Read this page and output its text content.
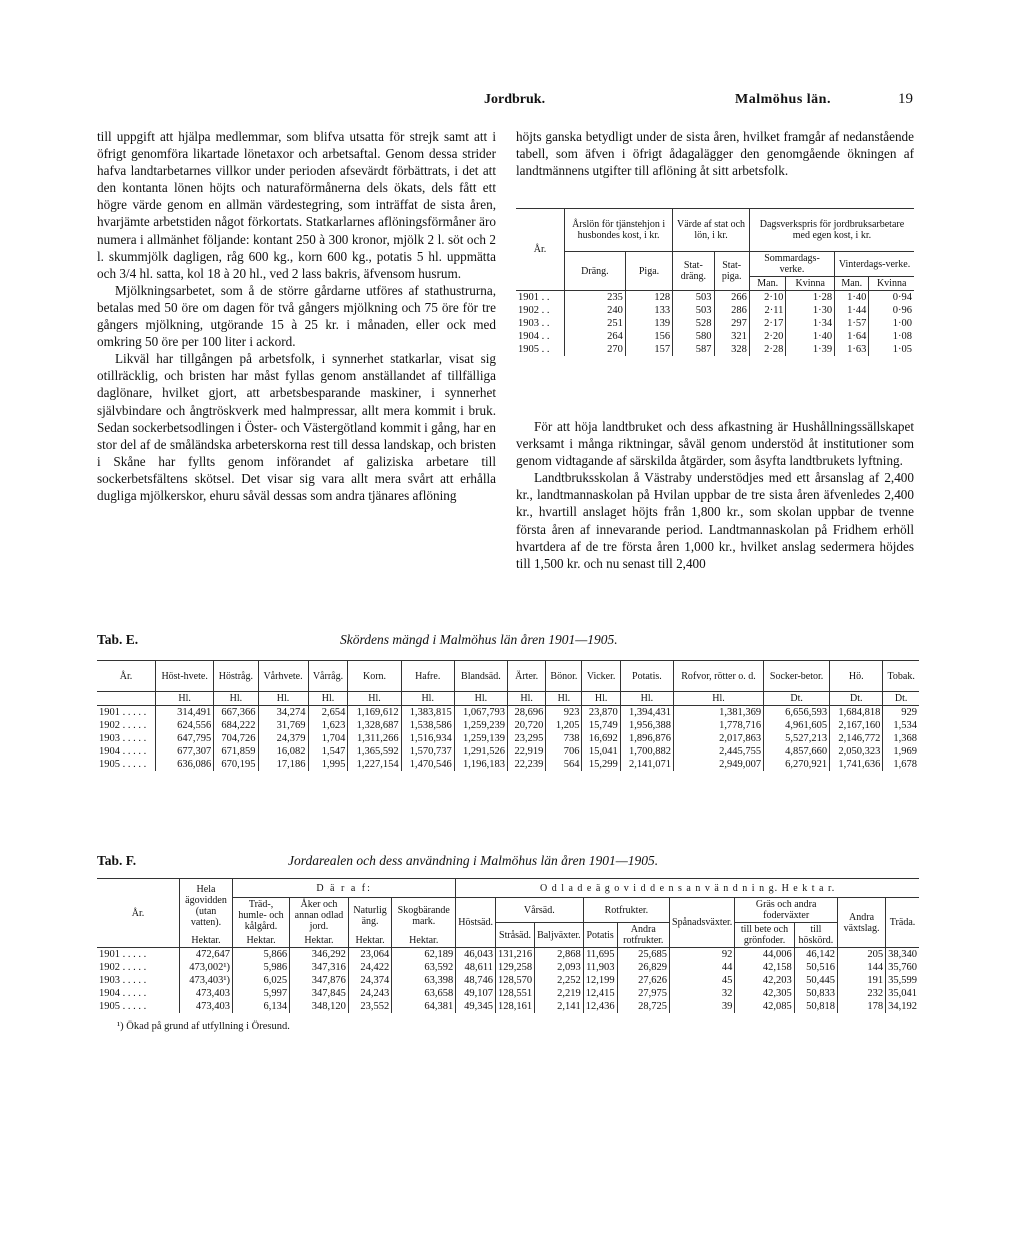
Jordbruk.	Malmöhus län.	19

till uppgift att hjälpa medlemmar, som blifva utsatta för strejk samt att i öfrigt genomföra likartade lönetaxor och arbetsaftal. Genom dessa strider hafva landtarbetarnes villkor under perioden afsevärdt förbättrats, i det att den kontanta lönen höjts och naturaförmånerna dels ökats, dels fått ett högre värde genom en allmän värdestegring, som inträffat de sista åren, hvarjämte arbetstiden något förkortats. Statkarlarnes aflöningsförmåner äro numera i allmänhet följande: kontant 250 à 300 kronor, mjölk 2 l. söt och 2 l. skummjölk dagligen, råg 600 kg., korn 600 kg., potatis 5 hl. uppmätta och 3/4 hl. satta, kol 18 à 20 hl., ved 2 lass bakris, äfvensom husrum.

Mjölkningsarbetet, som å de större gårdarne utföres af stathustrurna, betalas med 50 öre om dagen för två gångers mjölkning och 75 öre för tre gångers mjölkning, utgörande 15 à 25 kr. i månaden, eller ock med omkring 50 öre per 100 liter i ackord.

Likväl har tillgången på arbetsfolk, i synnerhet statkarlar, visat sig otillräcklig, och bristen har måst fyllas genom anställandet af tillfälliga daglönare, hvilket gjort, att arbetsbesparande maskiner, i synnerhet självbindare och ångtröskverk med halmpressar, allt mera kommit i bruk. Sedan sockerbetsodlingen i Öster- och Västergötland kommit i gång, har en stor del af de småländska arbeterskorna rest till dessa landskap, och bristen i Skåne har fyllts genom införandet af galiziska arbetare till sockerbetsfältens skötsel. Det visar sig vara allt mera svårt att erhålla dugliga mjölkerskor, ehuru såväl dessas som andra tjänares aflöning

höjts ganska betydligt under de sista åren, hvilket framgår af nedanstående tabell, som äfven i öfrigt ådagalägger den genomgående ökningen af landtmännens utgifter till aflöning åt sitt arbetsfolk.

År.	Årslön för tjänstehjon i husbondes kost, i kr.		Värde af stat och lön, i kr.		Dagsverkspris för jordbruksarbetare med egen kost, i kr.			
	Dräng.	Piga.	Stat-dräng.	Stat-piga.	Sommardags-verke.		Vinterdags-verke.	
					Man.	Kvinna	Man.	Kvinna
1901 . .	235	128	503	266	2·10	1·28	1·40	0·94
1902 . .	240	133	503	286	2·11	1·30	1·44	0·96
1903 . .	251	139	528	297	2·17	1·34	1·57	1·00
1904 . .	264	156	580	321	2·20	1·40	1·64	1·08
1905 . .	270	157	587	328	2·28	1·39	1·63	1·05

För att höja landtbruket och dess afkastning är Hushållningssällskapet verksamt i många riktningar, såväl genom understöd åt institutioner som genom vidtagande af särskilda åtgärder, som åsyfta landtbrukets lyftning.

Landtbruksskolan å Västraby understödjes med ett årsanslag af 2,400 kr., landtmannaskolan på Hvilan uppbar de tre sista åren äfvenledes 2,400 kr., hvartill anslaget höjts från 1,800 kr., som skolan uppbar de tvenne första åren af innevarande period. Landtmannaskolan på Fridhem erhöll hvartdera af de tre första åren 1,000 kr., hvilket anslag sedermera höjdes till 1,500 kr. och nu senast till 2,400

Tab. E.	Skördens mängd i Malmöhus län åren 1901—1905.
År.	Höst-hvete.	Höstråg.	Vårhvete.	Vårråg.	Korn.	Hafre.	Blandsäd.	Ärter.	Bönor.	Vicker.	Potatis.	Rofvor, rötter o. d.	Socker-betor.	Hö.	Tobak.
	Hl.	Hl.	Hl.	Hl.	Hl.	Hl.	Hl.	Hl.	Hl.	Hl.	Hl.	Hl.	Dt.	Dt.	Dt.
1901 . . . . .	314,491	667,366	34,274	2,654	1,169,612	1,383,815	1,067,793	28,696	923	23,870	1,394,431	1,381,369	6,656,593	1,684,818	929
1902 . . . . .	624,556	684,222	31,769	1,623	1,328,687	1,538,586	1,259,239	20,720	1,205	15,749	1,956,388	1,778,716	4,961,605	2,167,160	1,534
1903 . . . . .	647,795	704,726	24,379	1,704	1,311,266	1,516,934	1,259,139	23,295	738	16,692	1,896,876	2,017,863	5,527,213	2,146,772	1,368
1904 . . . . .	677,307	671,859	16,082	1,547	1,365,592	1,570,737	1,291,526	22,919	706	15,041	1,700,882	2,445,755	4,857,660	2,050,323	1,969
1905 . . . . .	636,086	670,195	17,186	1,995	1,227,154	1,470,546	1,196,183	22,239	564	15,299	2,141,071	2,949,007	6,270,921	1,741,636	1,678
Tab. F.	Jordarealen och dess användning i Malmöhus län åren 1901—1905.
År.	Hela ägovidden (utan vatten).	D ä r a f:				O d l a d e ä g o v i d d e n s a n v ä n d n i n g. H e k t a r.									
		Träd-, humle- och kålgård.	Åker och annan odlad jord.	Naturlig äng.	Skogbärande mark.	Höstsäd.	Vårsäd.		Rotfrukter.		Spånadsväxter.	Gräs och andra foderväxter		Andra växtslag.	Träda.
							Stråsäd.	Baljväxter.	Potatis	Andra rotfrukter.		till bete och grönfoder.	till höskörd.		
	Hektar.	Hektar.	Hektar.	Hektar.	Hektar.										
1901 . . . . .	472,647	5,866	346,292	23,064	62,189	46,043	131,216	2,868	11,695	25,685	92	44,006	46,142	205	38,340
1902 . . . . .	473,002¹)	5,986	347,316	24,422	63,592	48,611	129,258	2,093	11,903	26,829	44	42,158	50,516	144	35,760
1903 . . . . .	473,403¹)	6,025	347,876	24,374	63,398	48,746	128,570	2,252	12,199	27,626	45	42,203	50,445	191	35,599
1904 . . . . .	473,403	5,997	347,845	24,243	63,658	49,107	128,551	2,219	12,415	27,975	32	42,305	50,833	232	35,041
1905 . . . . .	473,403	6,134	348,120	23,552	64,381	49,345	128,161	2,141	12,436	28,725	39	42,085	50,818	178	34,192
¹) Ökad på grund af utfyllning i Öresund.
